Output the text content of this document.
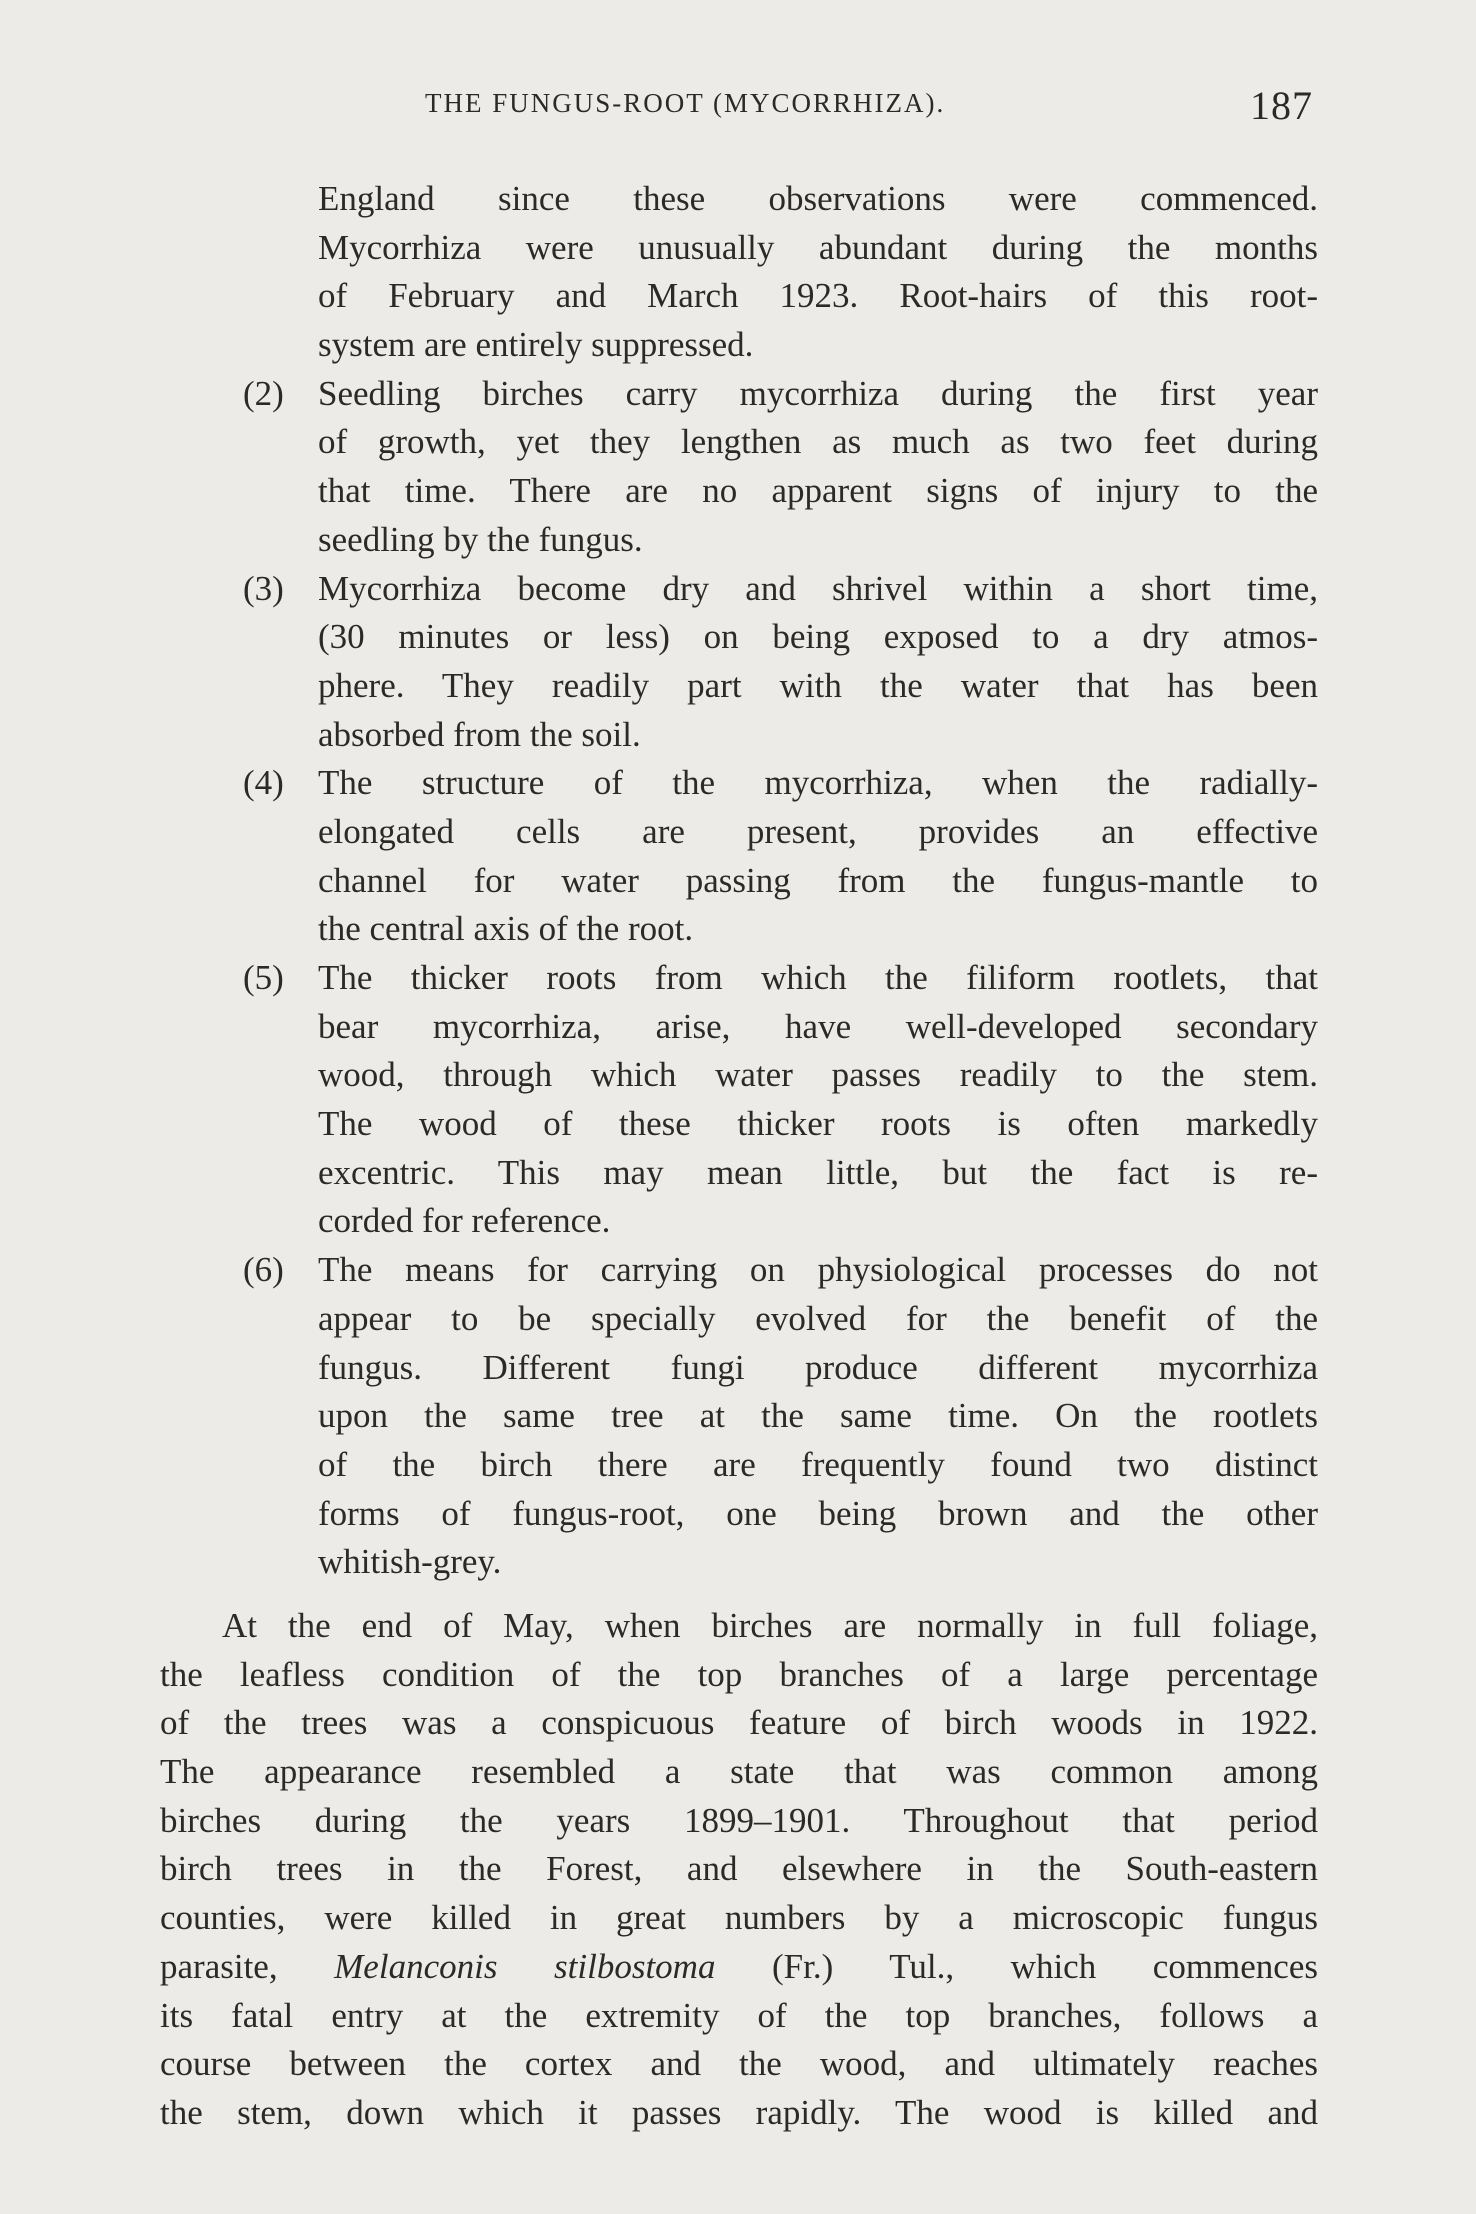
THE FUNGUS-ROOT (MYCORRHIZA).	187
England since these observations were commenced.
Mycorrhiza were unusually abundant during the months
of February and March 1923. Root-hairs of this root-
system are entirely suppressed.
(2) Seedling birches carry mycorrhiza during the first year
of growth, yet they lengthen as much as two feet during
that time. There are no apparent signs of injury to the
seedling by the fungus.
(3) Mycorrhiza become dry and shrivel within a short time,
(30 minutes or less) on being exposed to a dry atmos-
phere. They readily part with the water that has been
absorbed from the soil.
(4) The structure of the mycorrhiza, when the radially-
elongated cells are present, provides an effective
channel for water passing from the fungus-mantle to
the central axis of the root.
(5) The thicker roots from which the filiform rootlets, that
bear mycorrhiza, arise, have well-developed secondary
wood, through which water passes readily to the stem.
The wood of these thicker roots is often markedly
excentric. This may mean little, but the fact is re-
corded for reference.
(6) The means for carrying on physiological processes do not
appear to be specially evolved for the benefit of the
fungus. Different fungi produce different mycorrhiza
upon the same tree at the same time. On the rootlets
of the birch there are frequently found two distinct
forms of fungus-root, one being brown and the other
whitish-grey.
At the end of May, when birches are normally in full foliage,
the leafless condition of the top branches of a large percentage
of the trees was a conspicuous feature of birch woods in 1922.
The appearance resembled a state that was common among
birches during the years 1899–1901. Throughout that period
birch trees in the Forest, and elsewhere in the South-eastern
counties, were killed in great numbers by a microscopic fungus
parasite, Melanconis stilbostoma (Fr.) Tul., which commences
its fatal entry at the extremity of the top branches, follows a
course between the cortex and the wood, and ultimately reaches
the stem, down which it passes rapidly. The wood is killed and
